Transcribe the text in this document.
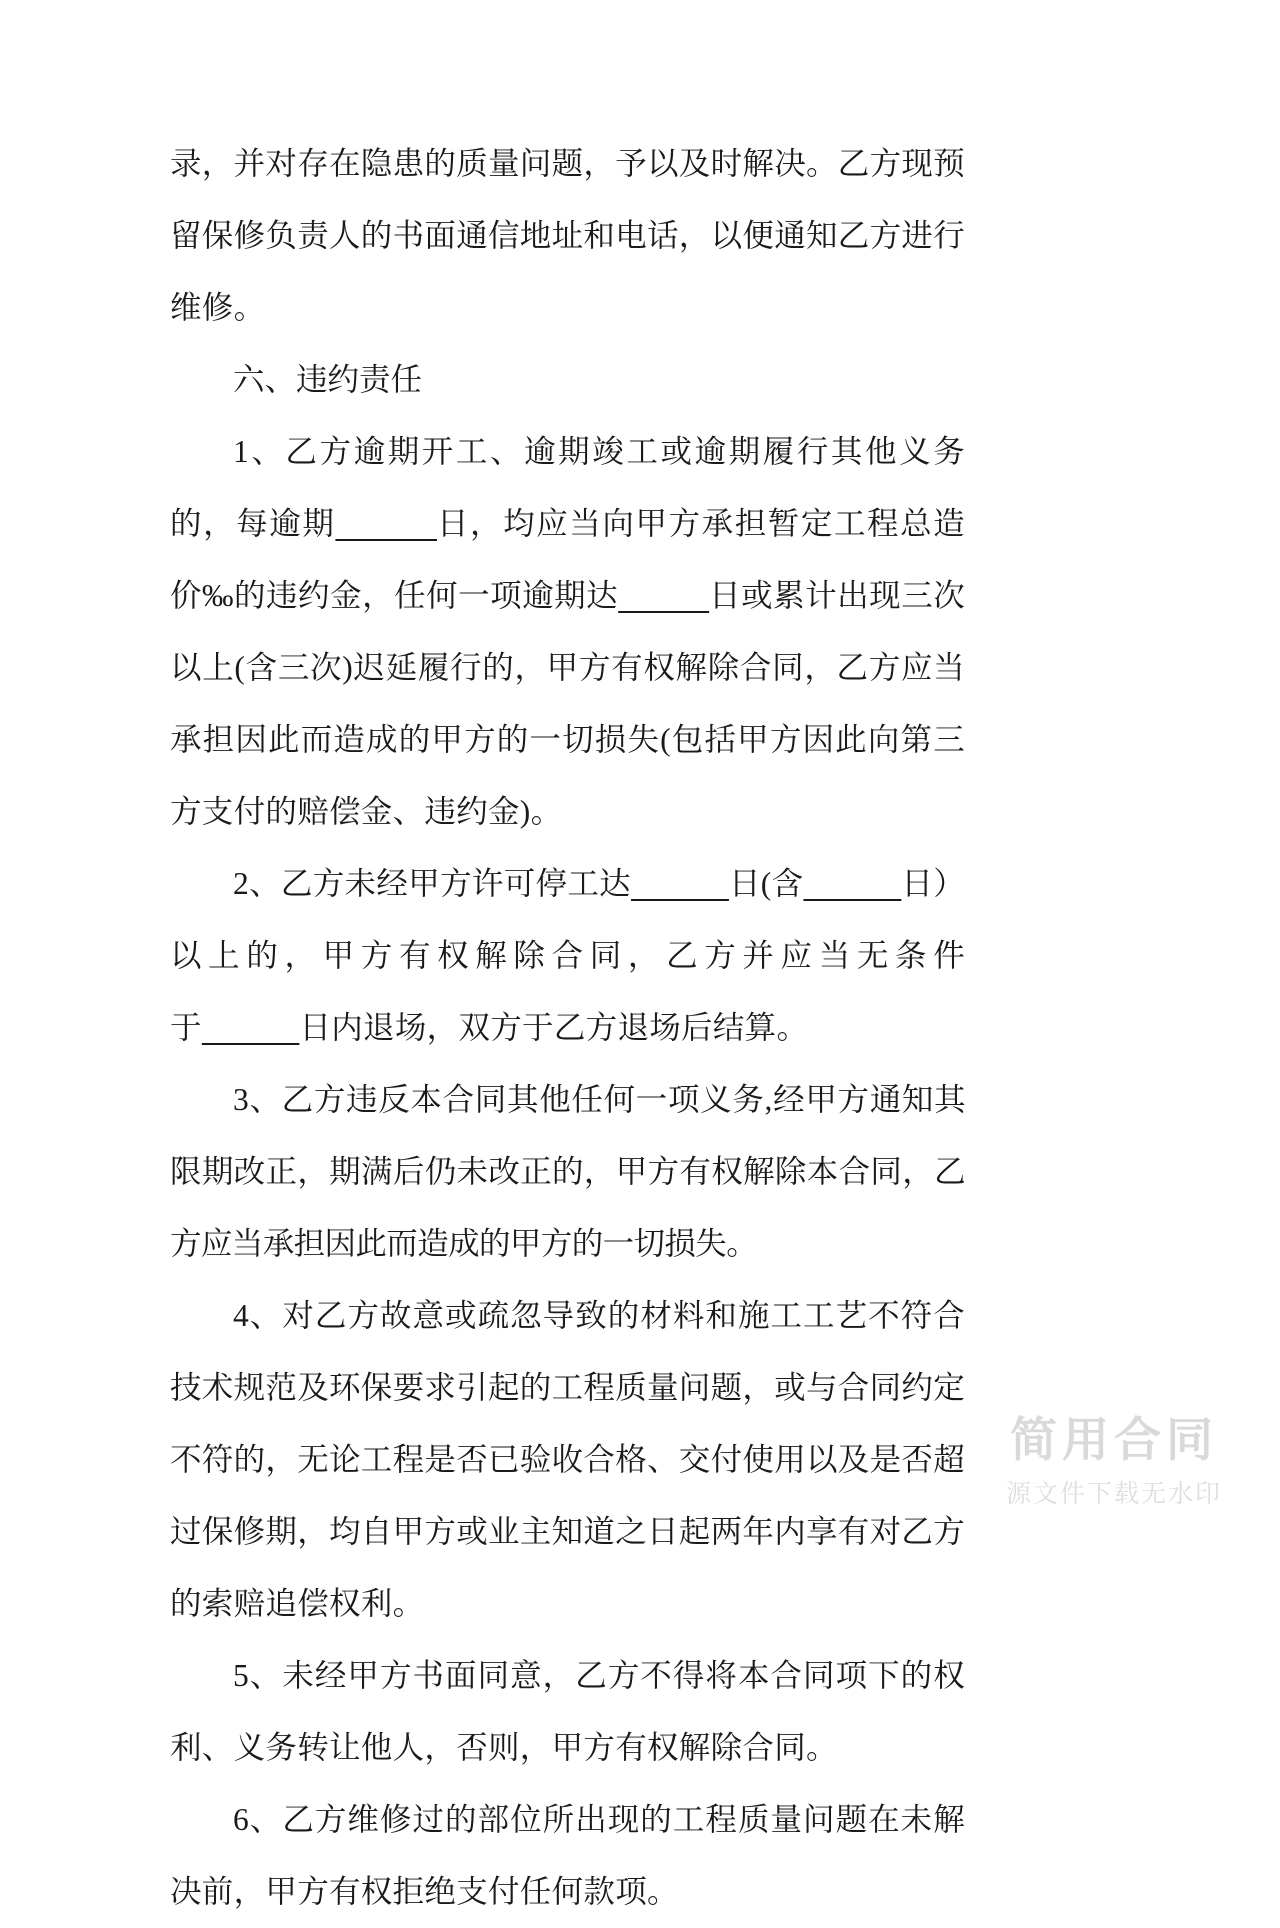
录，并对存在隐患的质量问题，予以及时解决。乙方现预留保修负责人的书面通信地址和电话，以便通知乙方进行维修。

六、违约责任

1、乙方逾期开工、逾期竣工或逾期履行其他义务的，每逾期	日，均应当向甲方承担暂定工程总造价‰的违约金，任何一项逾期达	日或累计出现三次以上(含三次)迟延履行的，甲方有权解除合同，乙方应当承担因此而造成的甲方的一切损失(包括甲方因此向第三方支付的赔偿金、违约金)。

2、乙方未经甲方许可停工达	日(含	日）以上的，甲方有权解除合同，乙方并应当无条件于	日内退场，双方于乙方退场后结算。

3、乙方违反本合同其他任何一项义务,经甲方通知其限期改正，期满后仍未改正的，甲方有权解除本合同，乙方应当承担因此而造成的甲方的一切损失。

4、对乙方故意或疏忽导致的材料和施工工艺不符合技术规范及环保要求引起的工程质量问题，或与合同约定不符的，无论工程是否已验收合格、交付使用以及是否超过保修期，均自甲方或业主知道之日起两年内享有对乙方的索赔追偿权利。

5、未经甲方书面同意，乙方不得将本合同项下的权利、义务转让他人，否则，甲方有权解除合同。

6、乙方维修过的部位所出现的工程质量问题在未解决前，甲方有权拒绝支付任何款项。

简用合同
源文件下载无水印
